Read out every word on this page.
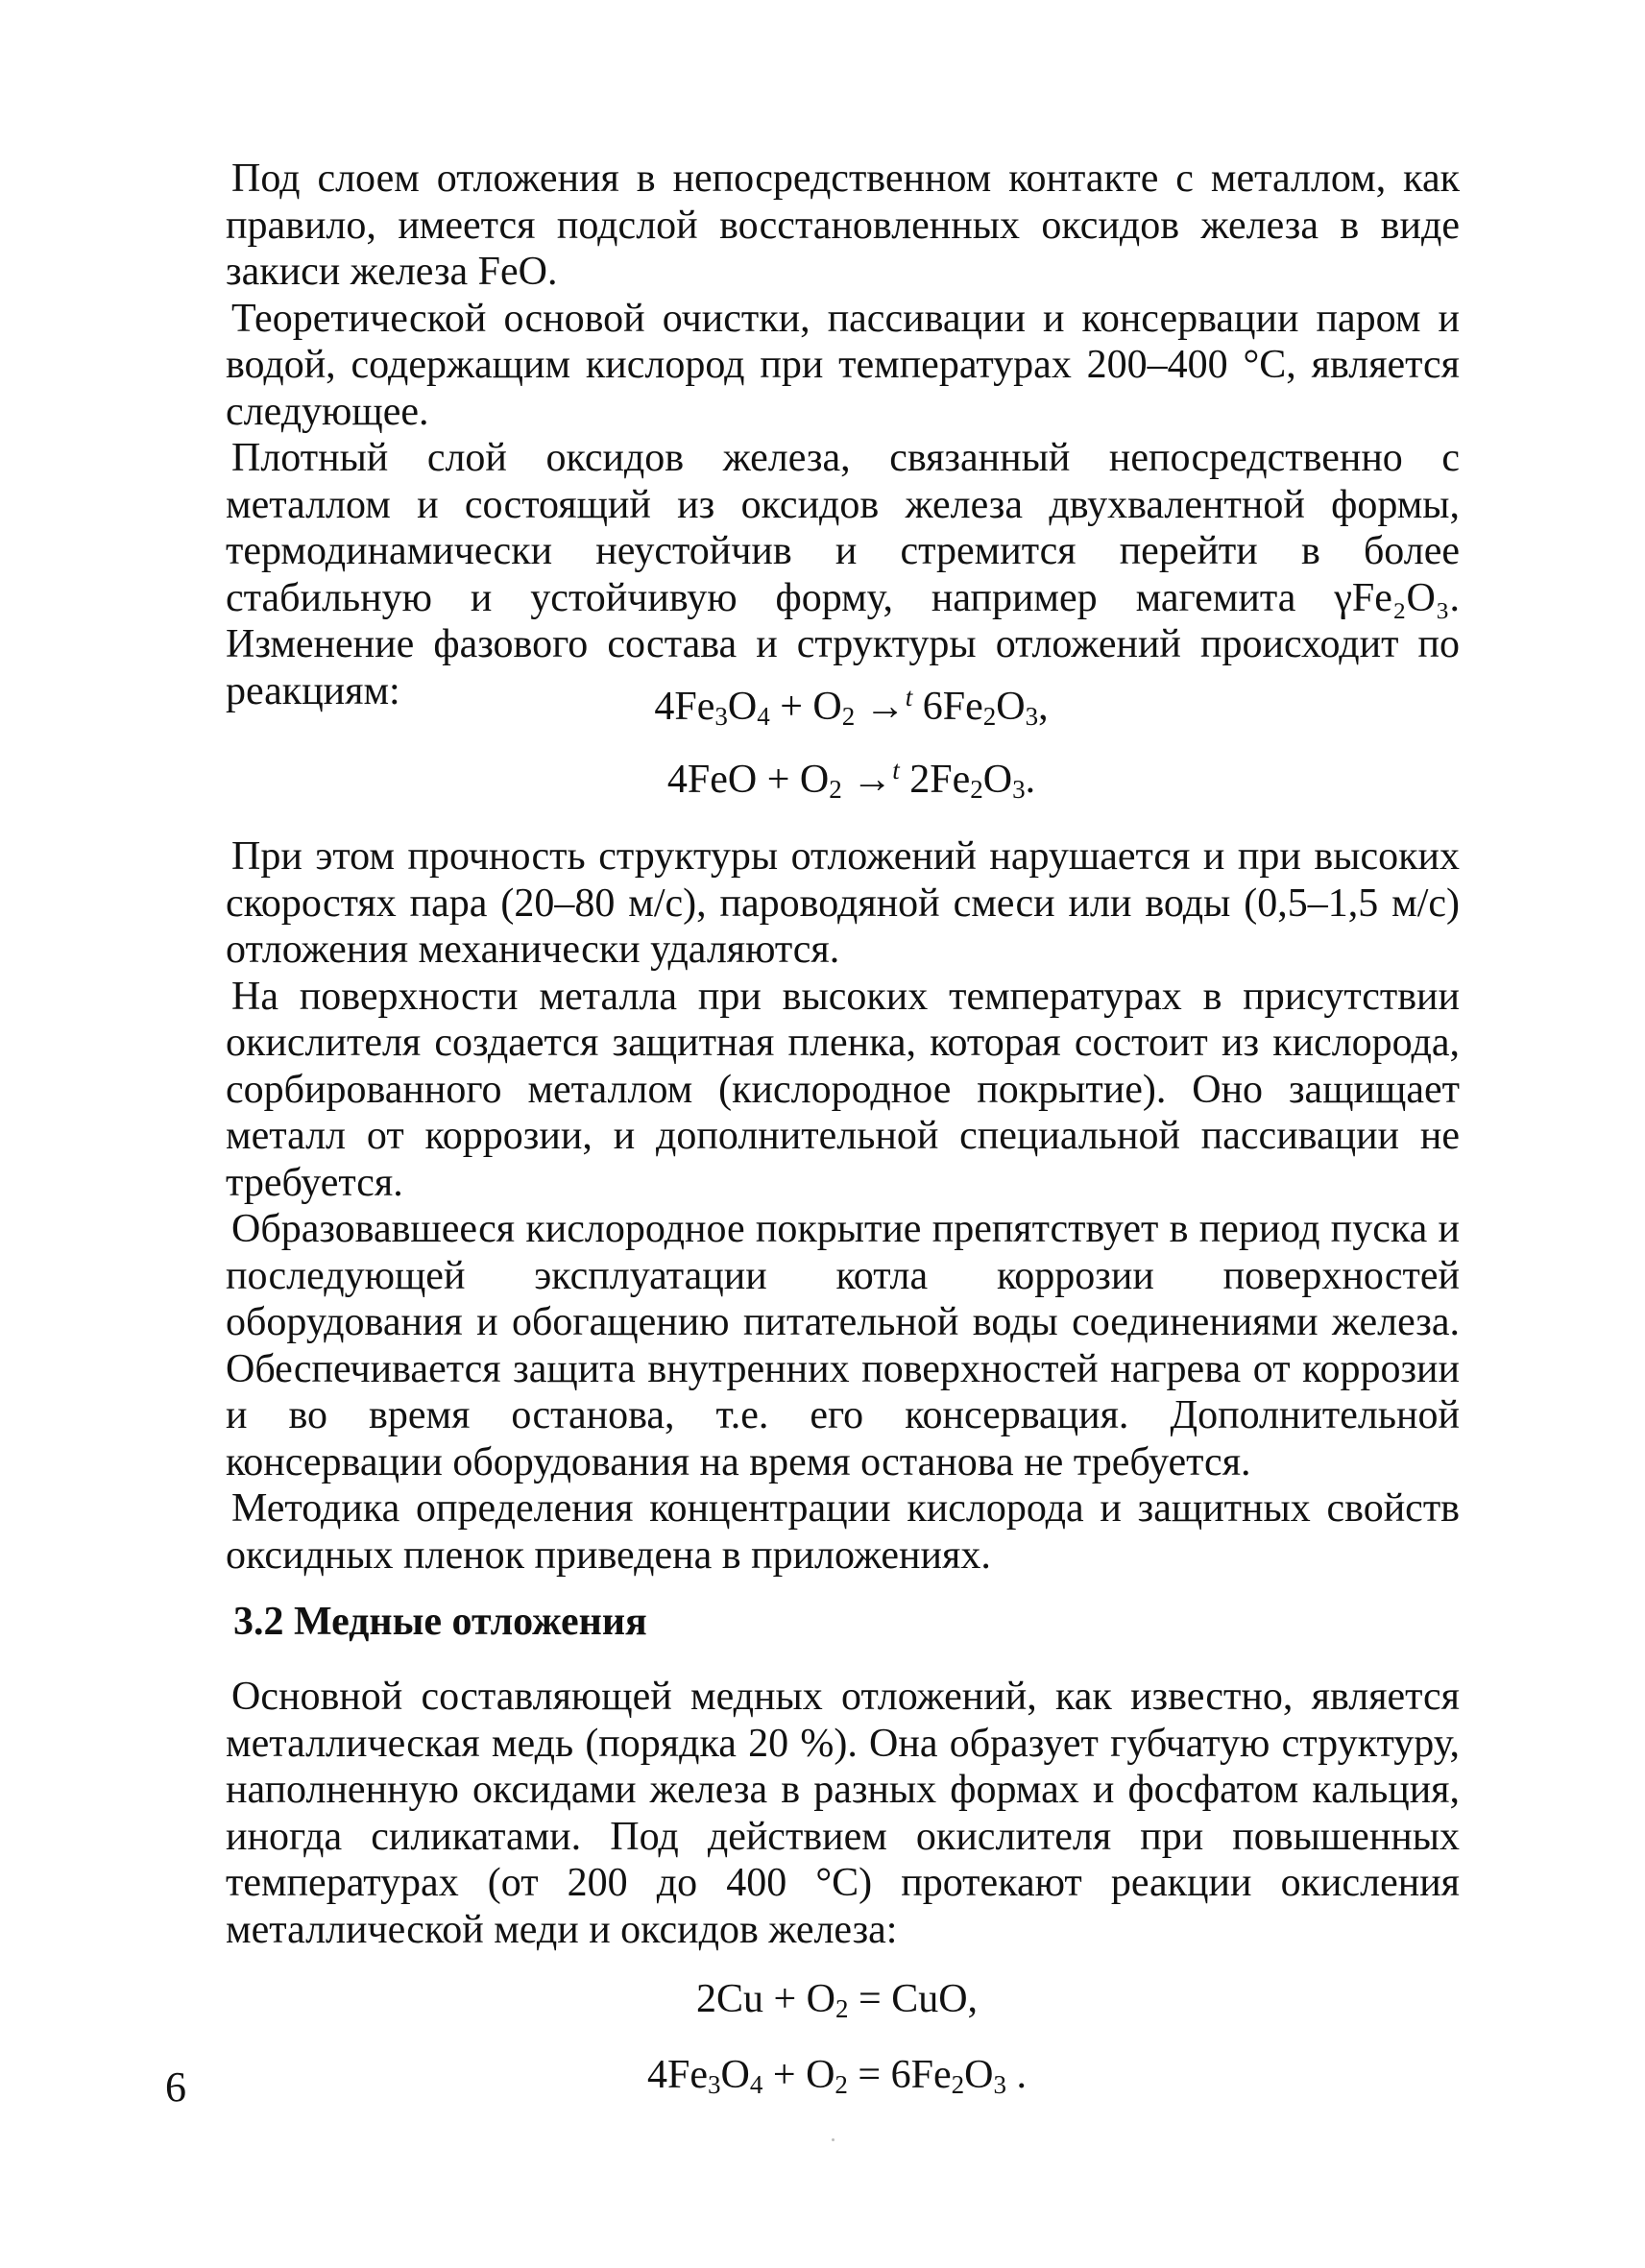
Под слоем отложения в непосредственном контакте с металлом, как правило, имеется подслой восстановленных оксидов железа в виде закиси железа FeO.

Теоретической основой очистки, пассивации и консервации паром и водой, содержащим кислород при температурах 200–400 °С, является следующее.

Плотный слой оксидов железа, связанный непосредственно с металлом и состоящий из оксидов железа двухвалентной формы, термодинамически неустойчив и стремится перейти в более стабильную и устойчивую форму, например магемита γFe₂O₃. Изменение фазового состава и структуры отложений происходит по реакциям:	$4Fe_3O_4 + O_2 \to^t$ $6Fe_2O_3$,
$4FeO + O_2 \to^t$ $2Fe_2O_3$.

При этом прочность структуры отложений нарушается и при высоких скоростях пара (20–80 м/с), пароводяной смеси или воды (0,5–1,5 м/с) отложения механически удаляются.

На поверхности металла при высоких температурах в присутствии окислителя создается защитная пленка, которая состоит из кислорода, сорбированного металлом (кислородное покрытие). Оно защищает металл от коррозии, и дополнительной специальной пассивации не требуется.

Образовавшееся кислородное покрытие препятствует в период пуска и последующей эксплуатации котла коррозии поверхностей оборудования и обогащению питательной воды соединениями железа. Обеспечивается защита внутренних поверхностей нагрева от коррозии и во время останова, т.е. его консервация. Дополнительной консервации оборудования на время останова не требуется.

Методика определения концентрации кислорода и защитных свойств оксидных пленок приведена в приложениях.

3.2 Медные отложения

Основной составляющей медных отложений, как известно, является металлическая медь (порядка 20 %). Она образует губчатую структуру, наполненную оксидами железа в разных формах и фосфатом кальция, иногда силикатами. Под действием окислителя при повышенных температурах (от 200 до 400 °С) протекают реакции окисления металлической меди и оксидов железа:

$2Cu + O_2$ = CuO,
$4Fe_3O_4 + O_2 = 6Fe_2O_3$ .
6
